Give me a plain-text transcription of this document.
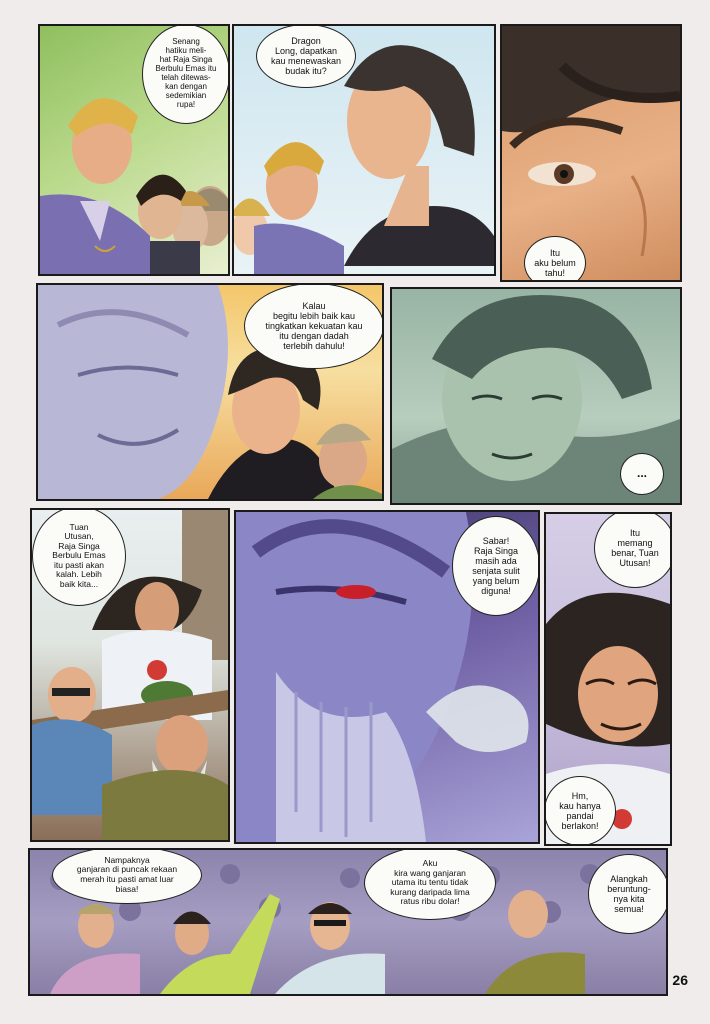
Senang
hatiku meli-
hat Raja Singa
Berbulu Emas itu
telah ditewas-
kan dengan
sedemikian
rupa!
Dragon
Long, dapatkan
kau menewaskan
budak itu?
Itu
aku belum
tahu!
Kalau
begitu lebih baik kau
tingkatkan kekuatan kau
itu dengan dadah
terlebih dahulu!
...
Tuan
Utusan,
Raja Singa
Berbulu Emas
itu pasti akan
kalah. Lebih
baik kita...
Sabar!
Raja Singa
masih ada
senjata sulit
yang belum
diguna!
Itu
memang
benar, Tuan
Utusan!
Hm,
kau hanya
pandai
berlakon!
Nampaknya
ganjaran di puncak rekaan
merah itu pasti amat luar
biasa!
Aku
kira wang ganjaran
utama itu tentu tidak
kurang daripada lima
ratus ribu dolar!
Alangkah
beruntung-
nya kita
semua!
26
